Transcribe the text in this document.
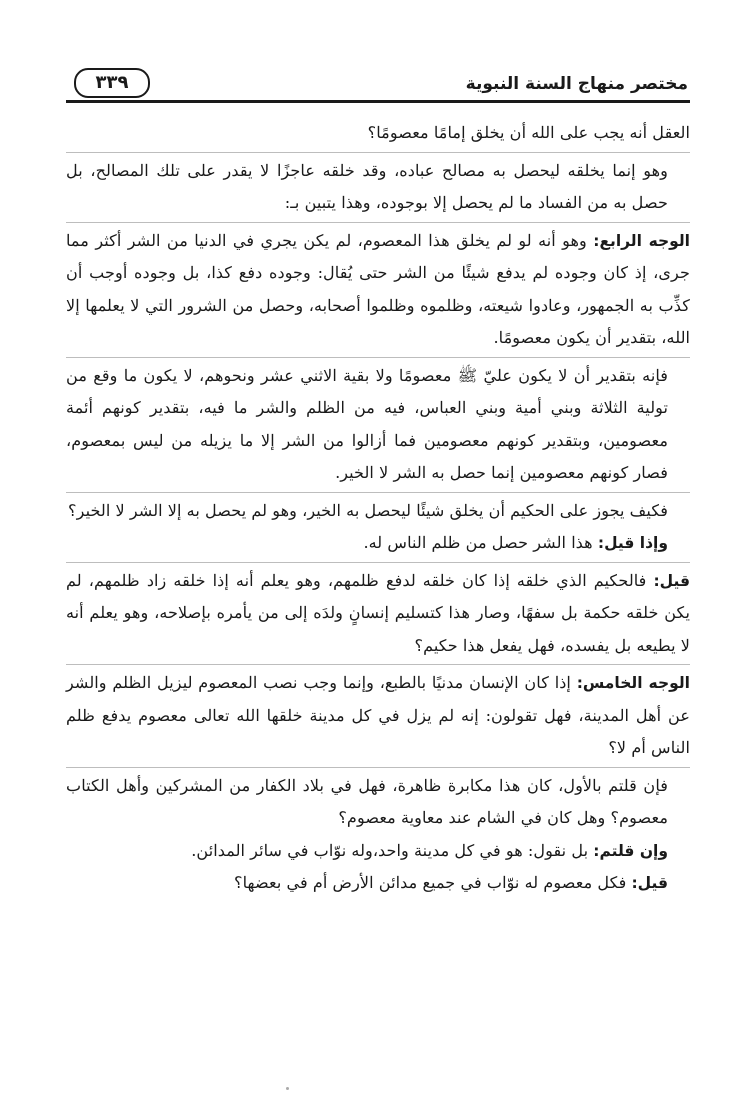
مختصر منهاج السنة النبوية
٣٣٩

العقل أنه يجب على الله أن يخلق إمامًا معصومًا؟

وهو إنما يخلقه ليحصل به مصالح عباده، وقد خلقه عاجزًا لا يقدر على تلك المصالح، بل حصل به من الفساد ما لم يحصل إلا بوجوده، وهذا يتبين بـ:

الوجه الرابع: وهو أنه لو لم يخلق هذا المعصوم، لم يكن يجري في الدنيا من الشر أكثر مما جرى، إذ كان وجوده لم يدفع شيئًا من الشر حتى يُقال: وجوده دفع كذا، بل وجوده أوجب أن كذِّب به الجمهور، وعادوا شيعته، وظلموه وظلموا أصحابه، وحصل من الشرور التي لا يعلمها إلا الله، بتقدير أن يكون معصومًا.

فإنه بتقدير أن لا يكون عليّ ﷺ معصومًا ولا بقية الاثني عشر ونحوهم، لا يكون ما وقع من تولية الثلاثة وبني أمية وبني العباس، فيه من الظلم والشر ما فيه، بتقدير كونهم أئمة معصومين، وبتقدير كونهم معصومين فما أزالوا من الشر إلا ما يزيله من ليس بمعصوم، فصار كونهم معصومين إنما حصل به الشر لا الخير.

فكيف يجوز على الحكيم أن يخلق شيئًا ليحصل به الخير، وهو لم يحصل به إلا الشر لا الخير؟

وإذا قيل: هذا الشر حصل من ظلم الناس له.

قيل: فالحكيم الذي خلقه إذا كان خلقه لدفع ظلمهم، وهو يعلم أنه إذا خلقه زاد ظلمهم، لم يكن خلقه حكمة بل سفهًا، وصار هذا كتسليم إنسانٍ ولدَه إلى من يأمره بإصلاحه، وهو يعلم أنه لا يطيعه بل يفسده، فهل يفعل هذا حكيم؟

الوجه الخامس: إذا كان الإنسان مدنيًا بالطبع، وإنما وجب نصب المعصوم ليزيل الظلم والشر عن أهل المدينة، فهل تقولون: إنه لم يزل في كل مدينة خلقها الله تعالى معصوم يدفع ظلم الناس أم لا؟

فإن قلتم بالأول، كان هذا مكابرة ظاهرة، فهل في بلاد الكفار من المشركين وأهل الكتاب معصوم؟ وهل كان في الشام عند معاوية معصوم؟

وإن قلتم: بل نقول: هو في كل مدينة واحد،وله نوّاب في سائر المدائن.

قيل: فكل معصوم له نوّاب في جميع مدائن الأرض أم في بعضها؟
